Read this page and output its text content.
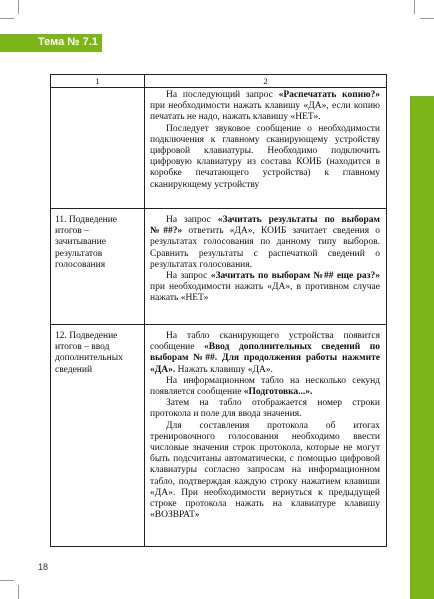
Тема № 7.1
1	2

На последующий запрос «Распечатать копию?» при необходимости нажать клавишу «ДА», если копию печатать не надо, нажать клавишу «НЕТ».

Последует звуковое сообщение о необходимости подключения к главному сканирующему устройству цифровой клавиатуры. Необходимо подключить цифровую клавиатуру из состава КОИБ (находится в коробке печатающего устройства) к главному сканирующему устройству

11. Подведение итогов – зачитывание результатов голосования

На запрос «Зачитать результаты по выборам №##?» ответить «ДА», КОИБ зачитает сведения о результатах голосования по данному типу выборов. Сравнить результаты с распечаткой сведений о результатах голосования.

На запрос «Зачитать по выборам №## еще раз?» при необходимости нажать «ДА», в противном случае нажать «НЕТ»

12. Подведение итогов – ввод дополнительных сведений

На табло сканирующего устройства появится сообщение «Ввод дополнительных сведений по выборам №##. Для продолжения работы нажмите «ДА». Нажать клавишу «ДА».

На информационном табло на несколько секунд появляется сообщение «Подготовка...».

Затем на табло отображается номер строки протокола и поле для ввода значения.

Для составления протокола об итогах тренировочного голосования необходимо ввести числовые значения строк протокола, которые не могут быть подсчитаны автоматически, с помощью цифровой клавиатуры согласно запросам на информационном табло, подтверждая каждую строку нажатием клавиши «ДА». При необходимости вернуться к предыдущей строке протокола нажать на клавиатуре клавишу «ВОЗВРАТ»

18
